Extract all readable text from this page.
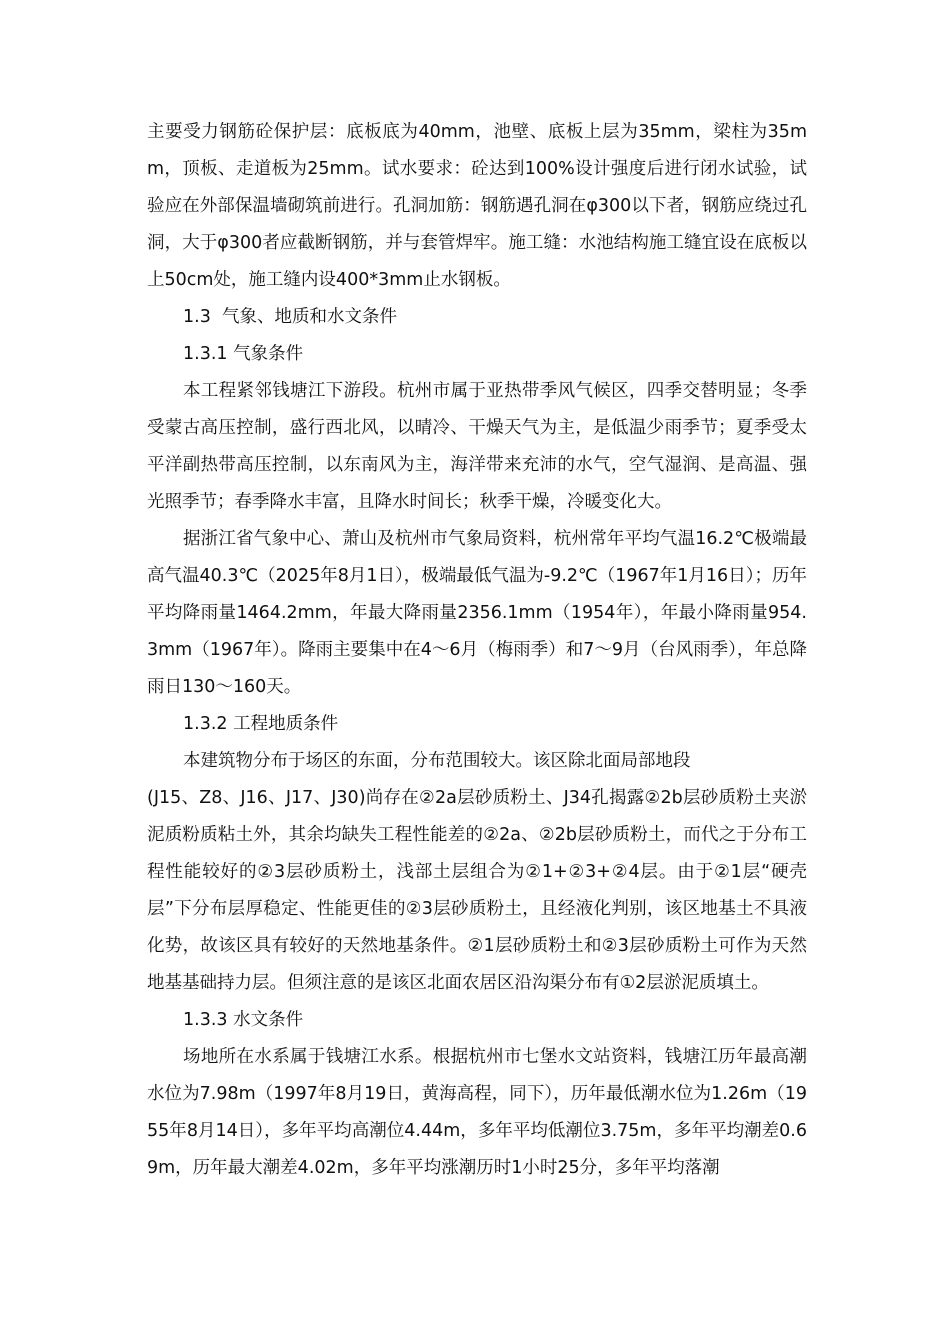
主要受力钢筋砼保护层：底板底为40mm，池壁、底板上层为35mm，梁柱为35mm，顶板、走道板为25mm。试水要求：砼达到100%设计强度后进行闭水试验，试验应在外部保温墙砌筑前进行。孔洞加筋：钢筋遇孔洞在φ300以下者，钢筋应绕过孔洞，大于φ300者应截断钢筋，并与套管焊牢。施工缝：水池结构施工缝宜设在底板以上50cm处，施工缝内设400*3mm止水钢板。

1.3  气象、地质和水文条件

1.3.1 气象条件

本工程紧邻钱塘江下游段。杭州市属于亚热带季风气候区，四季交替明显；冬季受蒙古高压控制，盛行西北风，以晴冷、干燥天气为主，是低温少雨季节；夏季受太平洋副热带高压控制，以东南风为主，海洋带来充沛的水气，空气湿润、是高温、强光照季节；春季降水丰富，且降水时间长；秋季干燥，冷暖变化大。

据浙江省气象中心、萧山及杭州市气象局资料，杭州常年平均气温16.2℃极端最高气温40.3℃（2025年8月1日），极端最低气温为-9.2℃（1967年1月16日）；历年平均降雨量1464.2mm，年最大降雨量2356.1mm（1954年），年最小降雨量954.3mm（1967年）。降雨主要集中在4～6月（梅雨季）和7～9月（台风雨季），年总降雨日130～160天。

1.3.2 工程地质条件

本建筑物分布于场区的东面，分布范围较大。该区除北面局部地段

(J15、Z8、J16、J17、J30)尚存在②2a层砂质粉土、J34孔揭露②2b层砂质粉土夹淤泥质粉质粘土外，其余均缺失工程性能差的②2a、②2b层砂质粉土，而代之于分布工程性能较好的②3层砂质粉土，浅部土层组合为②1+②3+②4层。由于②1层“硬壳层”下分布层厚稳定、性能更佳的②3层砂质粉土，且经液化判别，该区地基土不具液化势，故该区具有较好的天然地基条件。②1层砂质粉土和②3层砂质粉土可作为天然地基基础持力层。但须注意的是该区北面农居区沿沟渠分布有①2层淤泥质填土。

1.3.3 水文条件

场地所在水系属于钱塘江水系。根据杭州市七堡水文站资料，钱塘江历年最高潮水位为7.98m（1997年8月19日，黄海高程，同下），历年最低潮水位为1.26m（1955年8月14日），多年平均高潮位4.44m，多年平均低潮位3.75m，多年平均潮差0.69m，历年最大潮差4.02m，多年平均涨潮历时1小时25分，多年平均落潮
